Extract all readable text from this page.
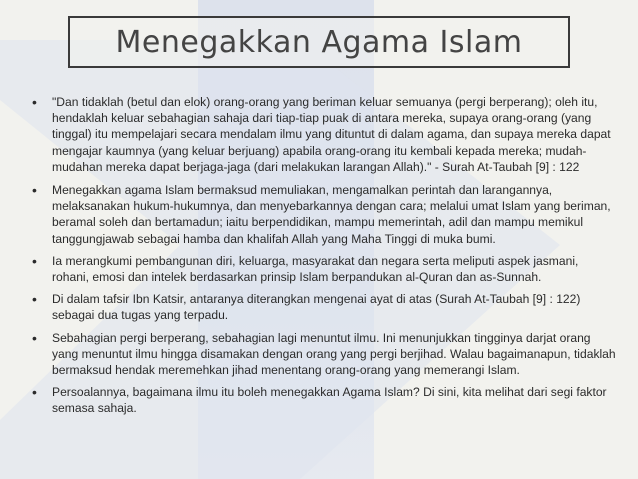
Menegakkan Agama Islam
• "Dan tidaklah (betul dan elok) orang-orang yang beriman keluar semuanya (pergi berperang); oleh itu, hendaklah keluar sebahagian sahaja dari tiap-tiap puak di antara mereka, supaya orang-orang (yang tinggal) itu mempelajari secara mendalam ilmu yang dituntut di dalam agama, dan supaya mereka dapat mengajar kaumnya (yang keluar berjuang) apabila orang-orang itu kembali kepada mereka; mudah-mudahan mereka dapat berjaga-jaga (dari melakukan larangan Allah)." - Surah At-Taubah [9] : 122
• Menegakkan agama Islam bermaksud memuliakan, mengamalkan perintah dan larangannya, melaksanakan hukum-hukumnya, dan menyebarkannya dengan cara; melalui umat Islam yang beriman, beramal soleh dan bertamadun; iaitu berpendidikan, mampu memerintah, adil dan mampu memikul tanggungjawab sebagai hamba dan khalifah Allah yang Maha Tinggi di muka bumi.
• Ia merangkumi pembangunan diri, keluarga, masyarakat dan negara serta meliputi aspek jasmani, rohani, emosi dan intelek berdasarkan prinsip Islam berpandukan al-Quran dan as-Sunnah.
• Di dalam tafsir Ibn Katsir, antaranya diterangkan mengenai ayat di atas (Surah At-Taubah [9] : 122) sebagai dua tugas yang terpadu.
• Sebahagian pergi berperang, sebahagian lagi menuntut ilmu. Ini menunjukkan tingginya darjat orang yang menuntut ilmu hingga disamakan dengan orang yang pergi berjihad. Walau bagaimanapun, tidaklah bermaksud hendak meremehkan jihad menentang orang-orang yang memerangi Islam.
• Persoalannya, bagaimana ilmu itu boleh menegakkan Agama Islam? Di sini, kita melihat dari segi faktor semasa sahaja.
